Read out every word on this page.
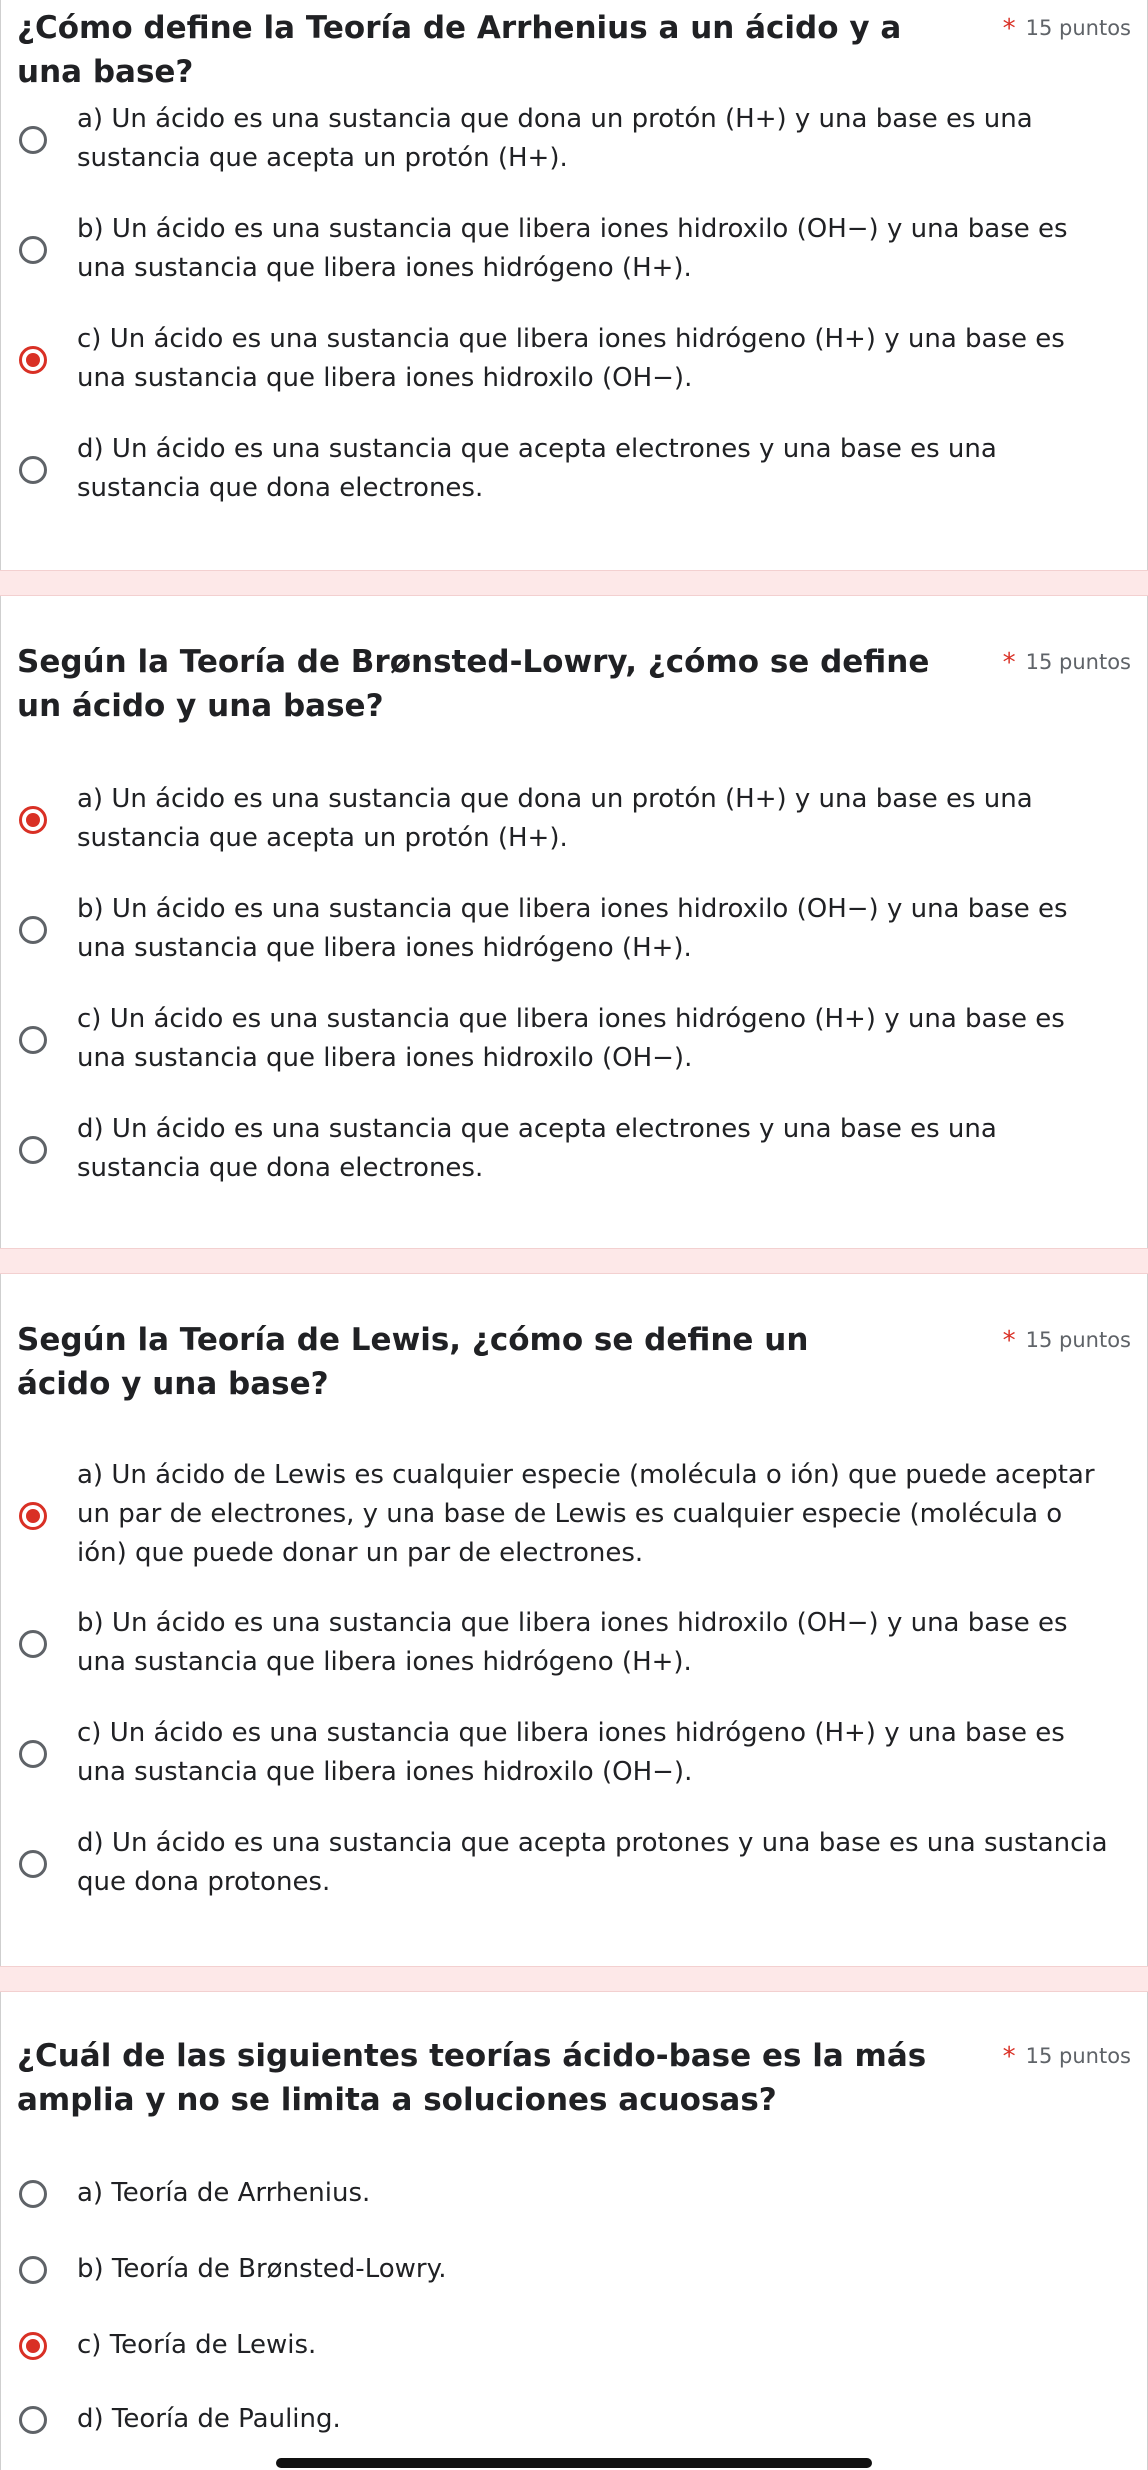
¿Cómo define la Teoría de Arrhenius a un ácido y a una base?

* 15 puntos
a) Un ácido es una sustancia que dona un protón (H+) y una base es una sustancia que acepta un protón (H+).
b) Un ácido es una sustancia que libera iones hidroxilo (OH−) y una base es una sustancia que libera iones hidrógeno (H+).
c) Un ácido es una sustancia que libera iones hidrógeno (H+) y una base es una sustancia que libera iones hidroxilo (OH−).
d) Un ácido es una sustancia que acepta electrones y una base es una sustancia que dona electrones.

Según la Teoría de Brønsted-Lowry, ¿cómo se define un ácido y una base?

* 15 puntos
a) Un ácido es una sustancia que dona un protón (H+) y una base es una sustancia que acepta un protón (H+).
b) Un ácido es una sustancia que libera iones hidroxilo (OH−) y una base es una sustancia que libera iones hidrógeno (H+).
c) Un ácido es una sustancia que libera iones hidrógeno (H+) y una base es una sustancia que libera iones hidroxilo (OH−).
d) Un ácido es una sustancia que acepta electrones y una base es una sustancia que dona electrones.

Según la Teoría de Lewis, ¿cómo se define un ácido y una base?

* 15 puntos
a) Un ácido de Lewis es cualquier especie (molécula o ión) que puede aceptar un par de electrones, y una base de Lewis es cualquier especie (molécula o ión) que puede donar un par de electrones.
b) Un ácido es una sustancia que libera iones hidroxilo (OH−) y una base es una sustancia que libera iones hidrógeno (H+).
c) Un ácido es una sustancia que libera iones hidrógeno (H+) y una base es una sustancia que libera iones hidroxilo (OH−).
d) Un ácido es una sustancia que acepta protones y una base es una sustancia que dona protones.

¿Cuál de las siguientes teorías ácido-base es la más amplia y no se limita a soluciones acuosas?

* 15 puntos
a) Teoría de Arrhenius.
b) Teoría de Brønsted-Lowry.
c) Teoría de Lewis.
d) Teoría de Pauling.
